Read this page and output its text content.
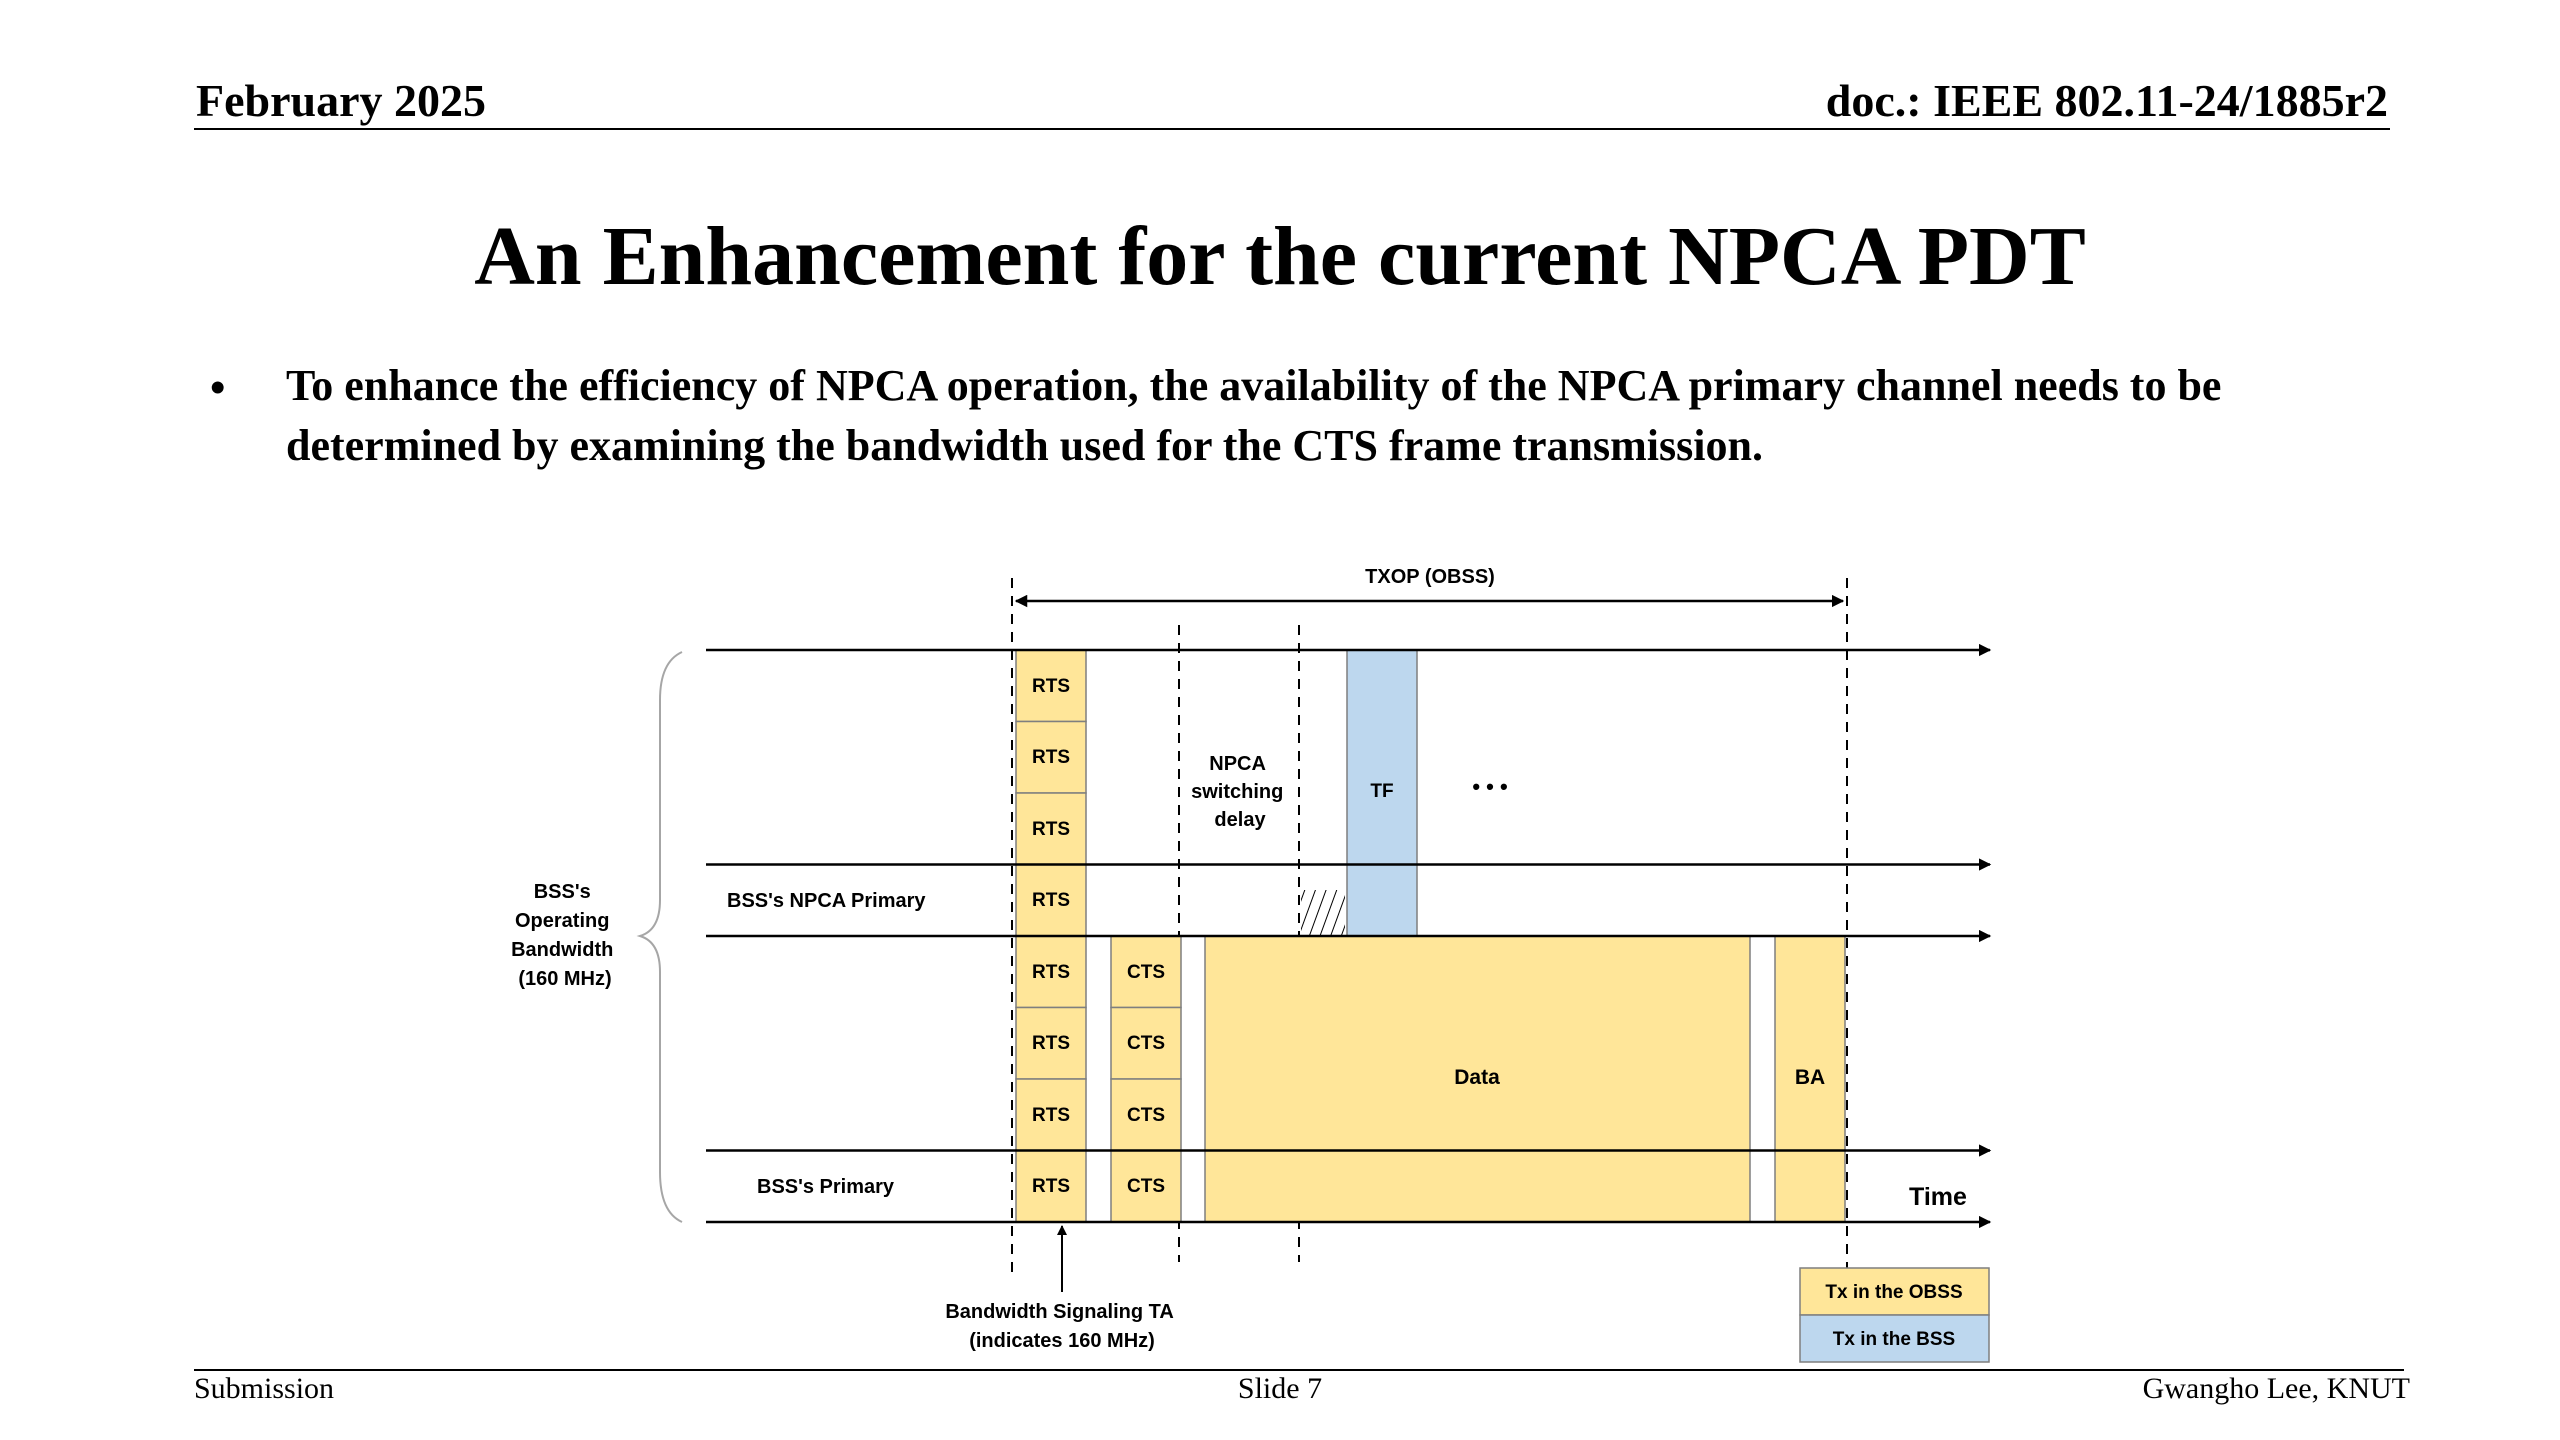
February 2025	doc.: IEEE 802.11-24/1885r2
An Enhancement for the current NPCA PDT
• To enhance the efficiency of NPCA operation, the availability of the NPCA primary channel needs to be determined by examining the bandwidth used for the CTS frame transmission.
TXOP (OBSS)
BSS's Operating Bandwidth (160 MHz)
RTS
RTS
RTS
RTS
RTS
RTS
RTS
RTS
CTS
CTS
CTS
CTS
Data	BA
TF	• • •
NPCA switching delay
BSS's NPCA Primary
BSS's Primary	Time
Bandwidth Signaling TA (indicates 160 MHz)
Tx in the OBSS
Tx in the BSS
Submission	Slide 7	Gwangho Lee, KNUT
